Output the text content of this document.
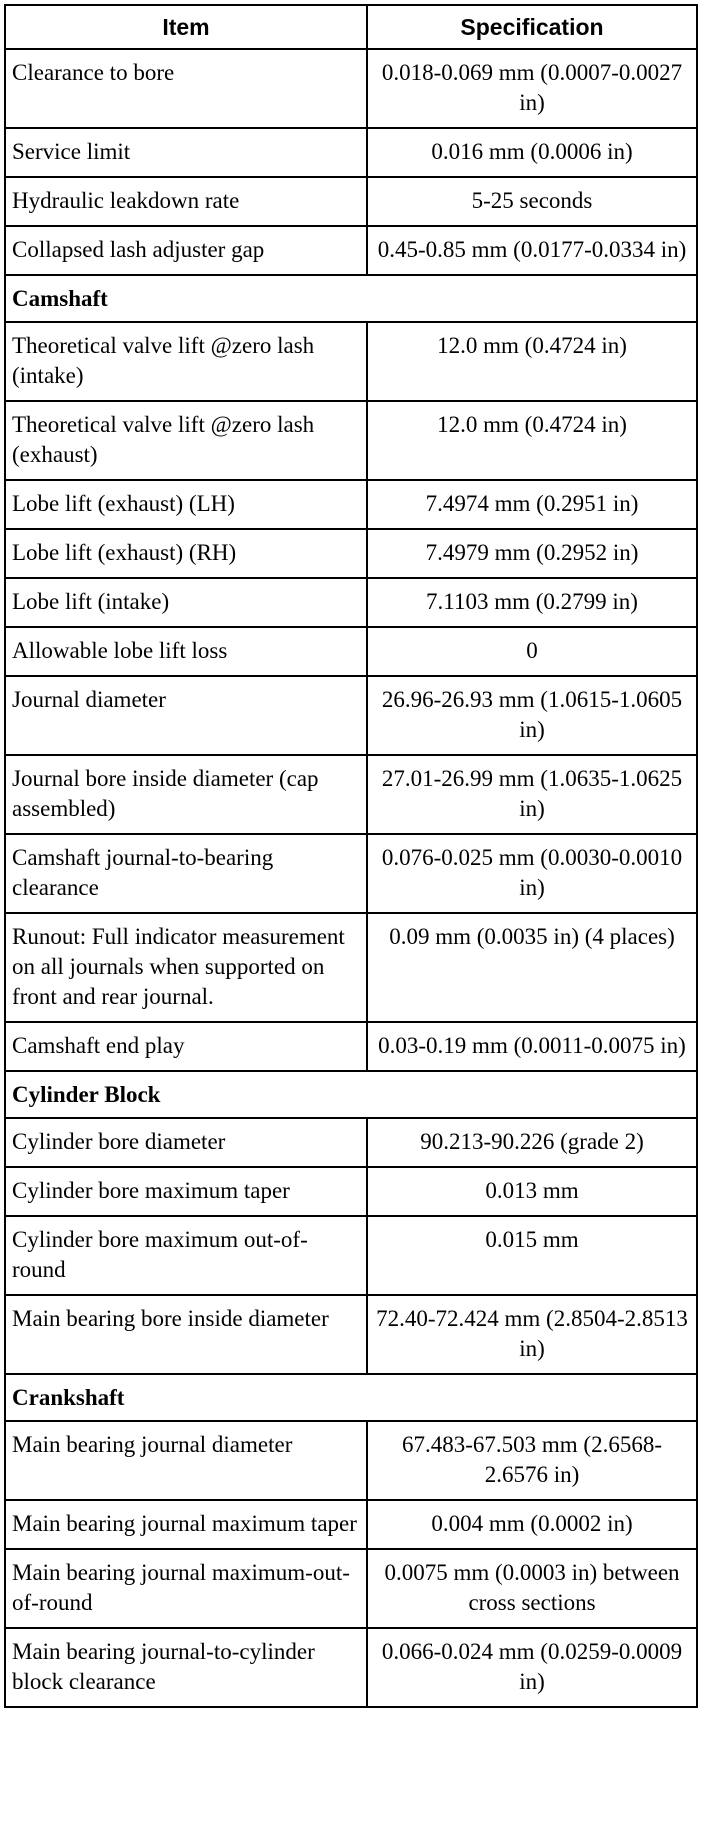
Item	Specification
Clearance to bore	0.018-0.069 mm (0.0007-0.0027 in)
Service limit	0.016 mm (0.0006 in)
Hydraulic leakdown rate	5-25 seconds
Collapsed lash adjuster gap	0.45-0.85 mm (0.0177-0.0334 in)
Camshaft	
Theoretical valve lift @zero lash (intake)	12.0 mm (0.4724 in)
Theoretical valve lift @zero lash (exhaust)	12.0 mm (0.4724 in)
Lobe lift (exhaust) (LH)	7.4974 mm (0.2951 in)
Lobe lift (exhaust) (RH)	7.4979 mm (0.2952 in)
Lobe lift (intake)	7.1103 mm (0.2799 in)
Allowable lobe lift loss	0
Journal diameter	26.96-26.93 mm (1.0615-1.0605 in)
Journal bore inside diameter (cap assembled)	27.01-26.99 mm (1.0635-1.0625 in)
Camshaft journal-to-bearing clearance	0.076-0.025 mm (0.0030-0.0010 in)
Runout: Full indicator measurement on all journals when supported on front and rear journal.	0.09 mm (0.0035 in) (4 places)
Camshaft end play	0.03-0.19 mm (0.0011-0.0075 in)
Cylinder Block	
Cylinder bore diameter	90.213-90.226 (grade 2)
Cylinder bore maximum taper	0.013 mm
Cylinder bore maximum out-of-round	0.015 mm
Main bearing bore inside diameter	72.40-72.424 mm (2.8504-2.8513 in)
Crankshaft	
Main bearing journal diameter	67.483-67.503 mm (2.6568-2.6576 in)
Main bearing journal maximum taper	0.004 mm (0.0002 in)
Main bearing journal maximum-out-of-round	0.0075 mm (0.0003 in) between cross sections
Main bearing journal-to-cylinder block clearance	0.066-0.024 mm (0.0259-0.0009 in)
